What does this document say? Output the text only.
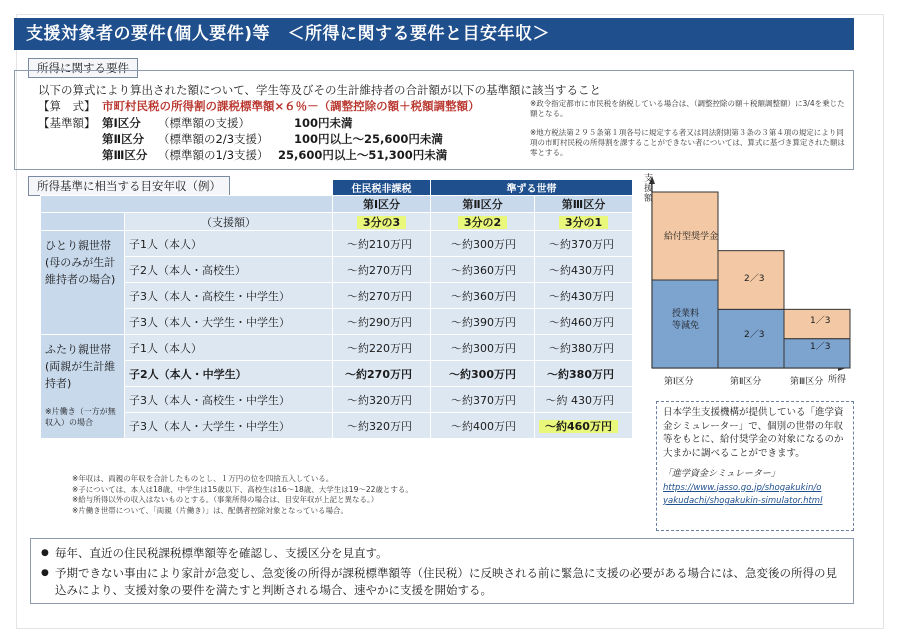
支援対象者の要件(個人要件)等　＜所得に関する要件と目安年収＞
所得に関する要件
以下の算式により算出された額について、学生等及びその生計維持者の合計額が以下の基準額に該当すること
【算　式】 市町村民税の所得割の課税標準額×６％－（調整控除の額＋税額調整額）	※政令指定都市に市民税を納税している場合は、（調整控除の額＋税額調整額）に3/4を乗じた額となる。
【基準額】 第Ⅰ区分 （標準額の支援）	100円未満
第Ⅱ区分 （標準額の2/3支援） 100円以上～25,600円未満
第Ⅲ区分 （標準額の1/3支援） 25,600円以上～51,300円未満
※地方税法第２９５条第１項各号に規定する者又は同法附則第３条の３第４項の規定により同項の市町村民税の所得割を課することができない者については、算式に基づき算定された額は零とする。
所得基準に相当する目安年収（例）
		住民税非課税	準ずる世帯	
		第Ⅰ区分	第Ⅱ区分	第Ⅲ区分
	（支援額）	3分の3	3分の2	3分の1
ひとり親世帯(母のみが生計維持者の場合)	子1人（本人）	～約210万円	～約300万円	～約370万円
	子2人（本人・高校生）	～約270万円	～約360万円	～約430万円
	子3人（本人・高校生・中学生）	～約270万円	～約360万円	～約430万円
	子3人（本人・大学生・中学生）	～約290万円	～約390万円	～約460万円
ふたり親世帯(両親が生計維持者)
※片働き（一方が無収入）の場合	子1人（本人）	～約220万円	～約300万円	～約380万円
	子2人（本人・中学生）	～約270万円	～約300万円	～約380万円
	子3人（本人・高校生・中学生）	～約320万円	～約370万円	～約 430万円
	子3人（本人・大学生・中学生）	～約320万円	～約400万円	～約460万円
※年収は、両親の年収を合計したものとし、１万円の位を四捨五入している。
※子については、本人は18歳、中学生は15歳以下、高校生は16～18歳、大学生は19～22歳とする。
※給与所得以外の収入はないものとする。（事業所得の場合は、目安年収が上記と異なる。）
※片働き世帯について、「両親（片働き）」は、配偶者控除対象となっている場合。
支援額
所得
給付型奨学金
授業料等減免
2／3
2／3
1／3
1／3
第Ⅰ区分	第Ⅱ区分	第Ⅲ区分
日本学生支援機構が提供している「進学資金シミュレーター」で、個別の世帯の年収等をもとに、給付奨学金の対象になるのか大まかに調べることができます。
「進学資金シミュレーター」
https://www.jasso.go.jp/shogakukin/o
yakudachi/shogakukin-simulator.html
● 毎年、直近の住民税課税標準額等を確認し、支援区分を見直す。
● 予期できない事由により家計が急変し、急変後の所得が課税標準額等（住民税）に反映される前に緊急に支援の必要がある場合には、急変後の所得の見込みにより、支援対象の要件を満たすと判断される場合、速やかに支援を開始する。
